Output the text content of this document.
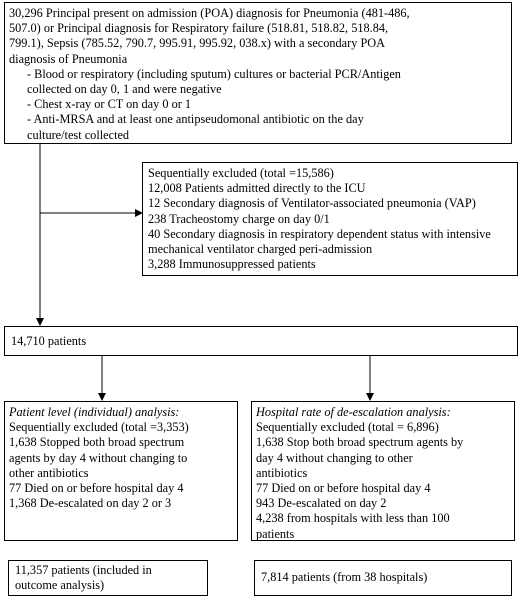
30,296 Principal present on admission (POA) diagnosis for Pneumonia (481-486,
507.0) or Principal diagnosis for Respiratory failure (518.81, 518.82, 518.84,
799.1), Sepsis (785.52, 790.7, 995.91, 995.92, 038.x) with a secondary POA
diagnosis of Pneumonia
- Blood or respiratory (including sputum) cultures or bacterial PCR/Antigen
collected on day 0, 1 and were negative
- Chest x-ray or CT on day 0 or 1
- Anti-MRSA and at least one antipseudomonal antibiotic on the day
culture/test collected
Sequentially excluded (total =15,586)
12,008 Patients admitted directly to the ICU
12 Secondary diagnosis of Ventilator-associated pneumonia (VAP)
238 Tracheostomy charge on day 0/1
40 Secondary diagnosis in respiratory dependent status with intensive
mechanical ventilator charged peri-admission
3,288 Immunosuppressed patients
14,710 patients
Patient level (individual) analysis:
Sequentially excluded (total =3,353)
1,638 Stopped both broad spectrum
agents by day 4 without changing to
other antibiotics
77 Died on or before hospital day 4
1,368 De-escalated on day 2 or 3
Hospital rate of de-escalation analysis:
Sequentially excluded (total = 6,896)
1,638 Stop both broad spectrum agents by
day 4 without changing to other
antibiotics
77 Died on or before hospital day 4
943 De-escalated on day 2
4,238 from hospitals with less than 100
patients
11,357 patients (included in
outcome analysis)
7,814 patients (from 38 hospitals)
